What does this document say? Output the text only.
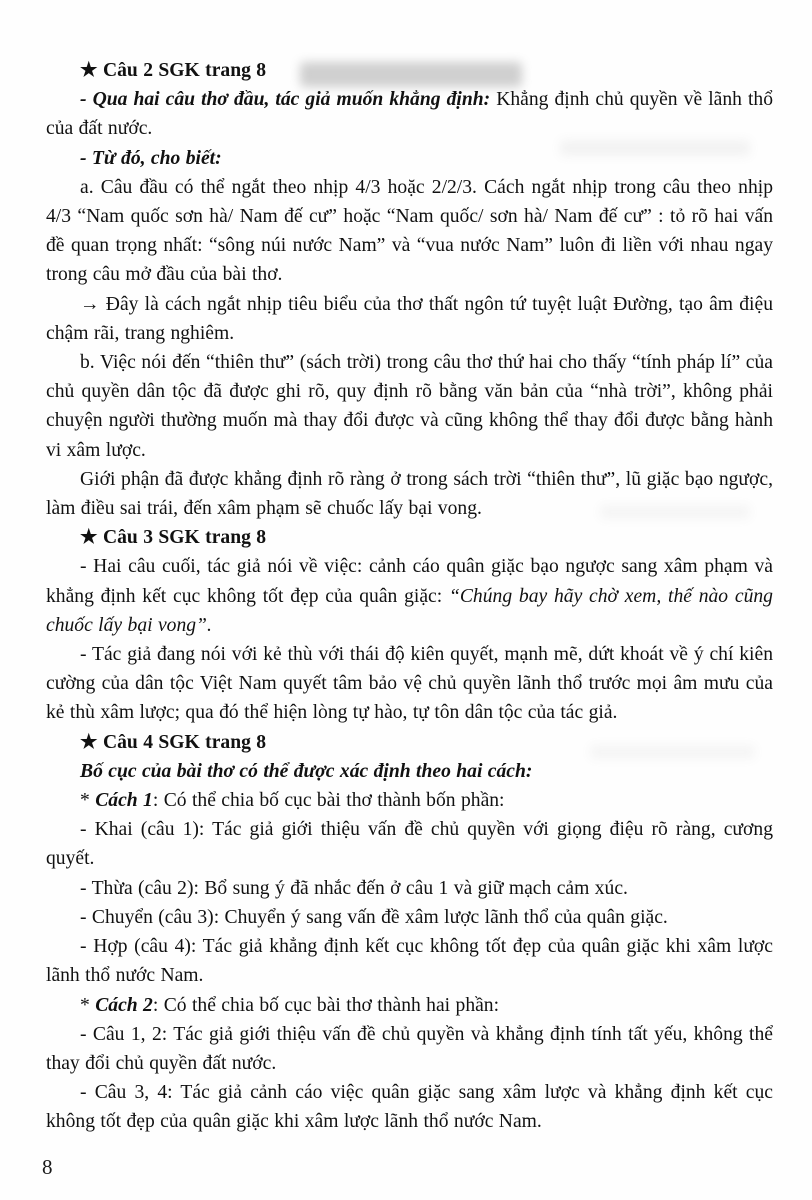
★ Câu 2 SGK trang 8

- Qua hai câu thơ đầu, tác giả muốn khẳng định: Khẳng định chủ quyền về lãnh thổ của đất nước.

- Từ đó, cho biết:

a. Câu đầu có thể ngắt theo nhịp 4/3 hoặc 2/2/3. Cách ngắt nhịp trong câu theo nhịp 4/3 “Nam quốc sơn hà/ Nam đế cư” hoặc “Nam quốc/ sơn hà/ Nam đế cư” : tỏ rõ hai vấn đề quan trọng nhất: “sông núi nước Nam” và “vua nước Nam” luôn đi liền với nhau ngay trong câu mở đầu của bài thơ.

→ Đây là cách ngắt nhịp tiêu biểu của thơ thất ngôn tứ tuyệt luật Đường, tạo âm điệu chậm rãi, trang nghiêm.

b. Việc nói đến “thiên thư” (sách trời) trong câu thơ thứ hai cho thấy “tính pháp lí” của chủ quyền dân tộc đã được ghi rõ, quy định rõ bằng văn bản của “nhà trời”, không phải chuyện người thường muốn mà thay đổi được và cũng không thể thay đổi được bằng hành vi xâm lược.

Giới phận đã được khẳng định rõ ràng ở trong sách trời “thiên thư”, lũ giặc bạo ngược, làm điều sai trái, đến xâm phạm sẽ chuốc lấy bại vong.

★ Câu 3 SGK trang 8

- Hai câu cuối, tác giả nói về việc: cảnh cáo quân giặc bạo ngược sang xâm phạm và khẳng định kết cục không tốt đẹp của quân giặc: “Chúng bay hãy chờ xem, thế nào cũng chuốc lấy bại vong”.

- Tác giả đang nói với kẻ thù với thái độ kiên quyết, mạnh mẽ, dứt khoát về ý chí kiên cường của dân tộc Việt Nam quyết tâm bảo vệ chủ quyền lãnh thổ trước mọi âm mưu của kẻ thù xâm lược; qua đó thể hiện lòng tự hào, tự tôn dân tộc của tác giả.

★ Câu 4 SGK trang 8

Bố cục của bài thơ có thể được xác định theo hai cách:

* Cách 1: Có thể chia bố cục bài thơ thành bốn phần:

- Khai (câu 1): Tác giả giới thiệu vấn đề chủ quyền với giọng điệu rõ ràng, cương quyết.

- Thừa (câu 2): Bổ sung ý đã nhắc đến ở câu 1 và giữ mạch cảm xúc.

- Chuyển (câu 3): Chuyển ý sang vấn đề xâm lược lãnh thổ của quân giặc.

- Hợp (câu 4): Tác giả khẳng định kết cục không tốt đẹp của quân giặc khi xâm lược lãnh thổ nước Nam.

* Cách 2: Có thể chia bố cục bài thơ thành hai phần:

- Câu 1, 2: Tác giả giới thiệu vấn đề chủ quyền và khẳng định tính tất yếu, không thể thay đổi chủ quyền đất nước.

- Câu 3, 4: Tác giả cảnh cáo việc quân giặc sang xâm lược và khẳng định kết cục không tốt đẹp của quân giặc khi xâm lược lãnh thổ nước Nam.

8
